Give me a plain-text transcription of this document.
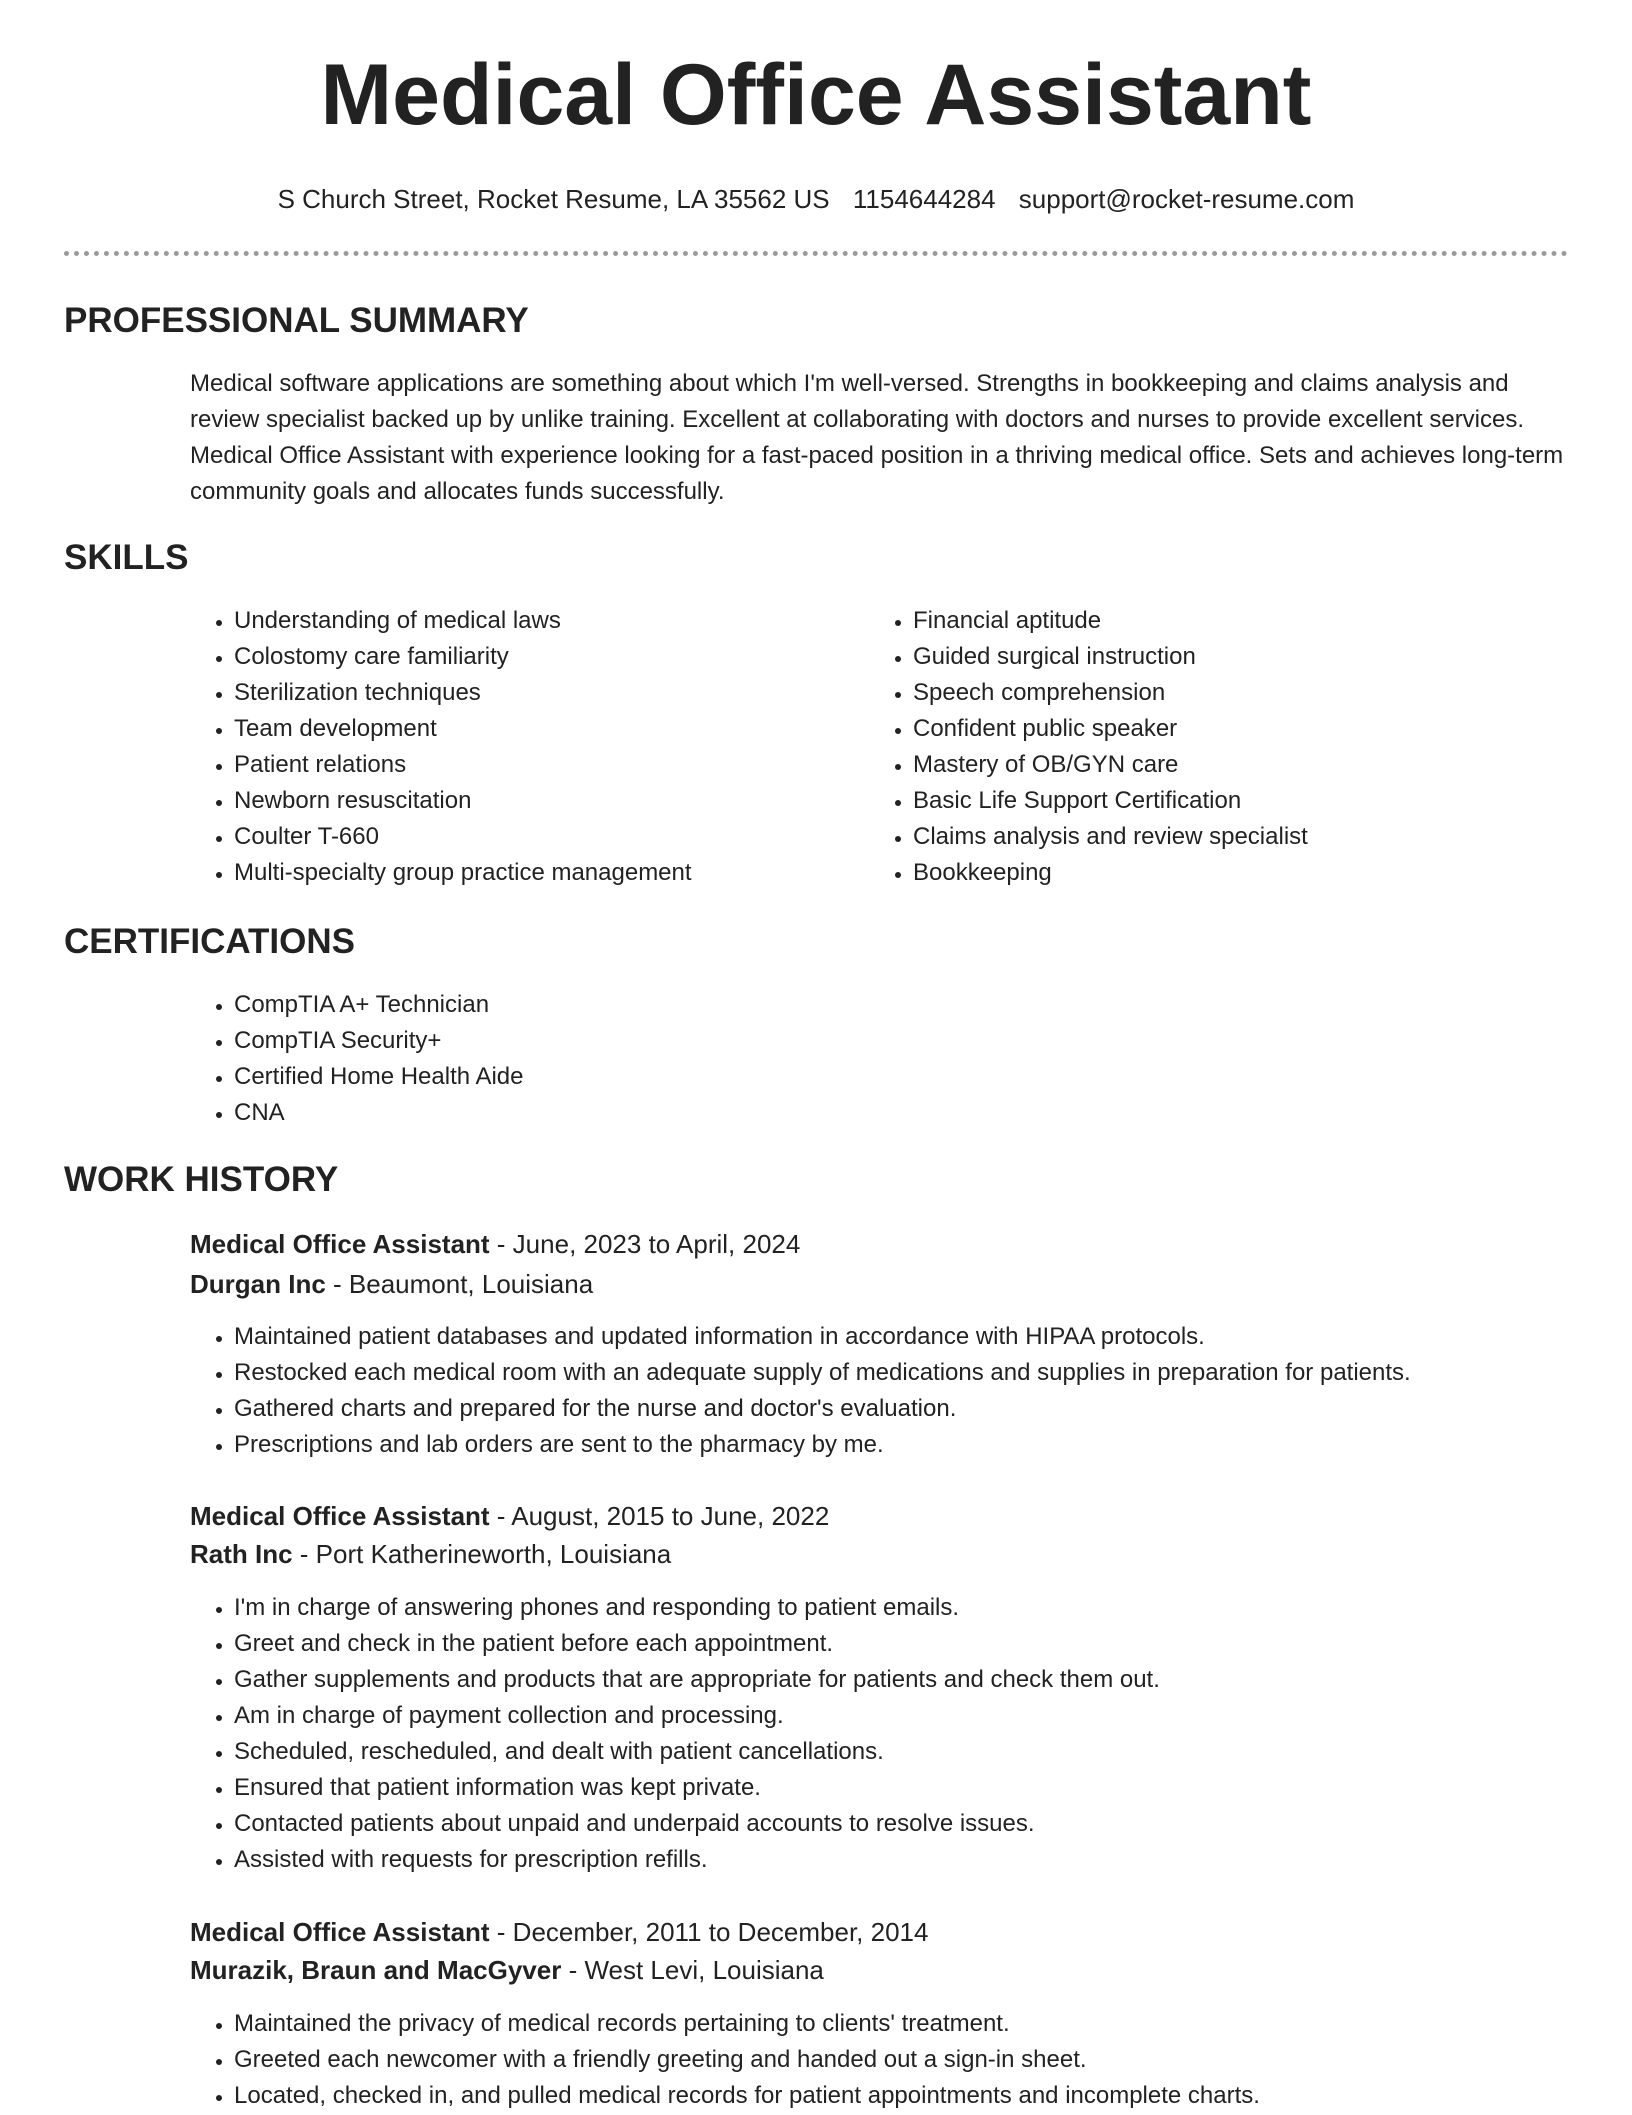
Medical Office Assistant
S Church Street, Rocket Resume, LA 35562 US 1154644284 support@rocket-resume.com
PROFESSIONAL SUMMARY

Medical software applications are something about which I'm well-versed. Strengths in bookkeeping and claims analysis and review specialist backed up by unlike training. Excellent at collaborating with doctors and nurses to provide excellent services. Medical Office Assistant with experience looking for a fast-paced position in a thriving medical office. Sets and achieves long-term community goals and allocates funds successfully.

SKILLS
• Understanding of medical laws
• Colostomy care familiarity
• Sterilization techniques
• Team development
• Patient relations
• Newborn resuscitation
• Coulter T-660
• Multi-specialty group practice management
• Financial aptitude
• Guided surgical instruction
• Speech comprehension
• Confident public speaker
• Mastery of OB/GYN care
• Basic Life Support Certification
• Claims analysis and review specialist
• Bookkeeping
CERTIFICATIONS
• CompTIA A+ Technician
• CompTIA Security+
• Certified Home Health Aide
• CNA
WORK HISTORY
Medical Office Assistant - June, 2023 to April, 2024
Durgan Inc - Beaumont, Louisiana
• Maintained patient databases and updated information in accordance with HIPAA protocols.
• Restocked each medical room with an adequate supply of medications and supplies in preparation for patients.
• Gathered charts and prepared for the nurse and doctor's evaluation.
• Prescriptions and lab orders are sent to the pharmacy by me.
Medical Office Assistant - August, 2015 to June, 2022
Rath Inc - Port Katherineworth, Louisiana
• I'm in charge of answering phones and responding to patient emails.
• Greet and check in the patient before each appointment.
• Gather supplements and products that are appropriate for patients and check them out.
• Am in charge of payment collection and processing.
• Scheduled, rescheduled, and dealt with patient cancellations.
• Ensured that patient information was kept private.
• Contacted patients about unpaid and underpaid accounts to resolve issues.
• Assisted with requests for prescription refills.
Medical Office Assistant - December, 2011 to December, 2014
Murazik, Braun and MacGyver - West Levi, Louisiana
• Maintained the privacy of medical records pertaining to clients' treatment.
• Greeted each newcomer with a friendly greeting and handed out a sign-in sheet.
• Located, checked in, and pulled medical records for patient appointments and incomplete charts.
